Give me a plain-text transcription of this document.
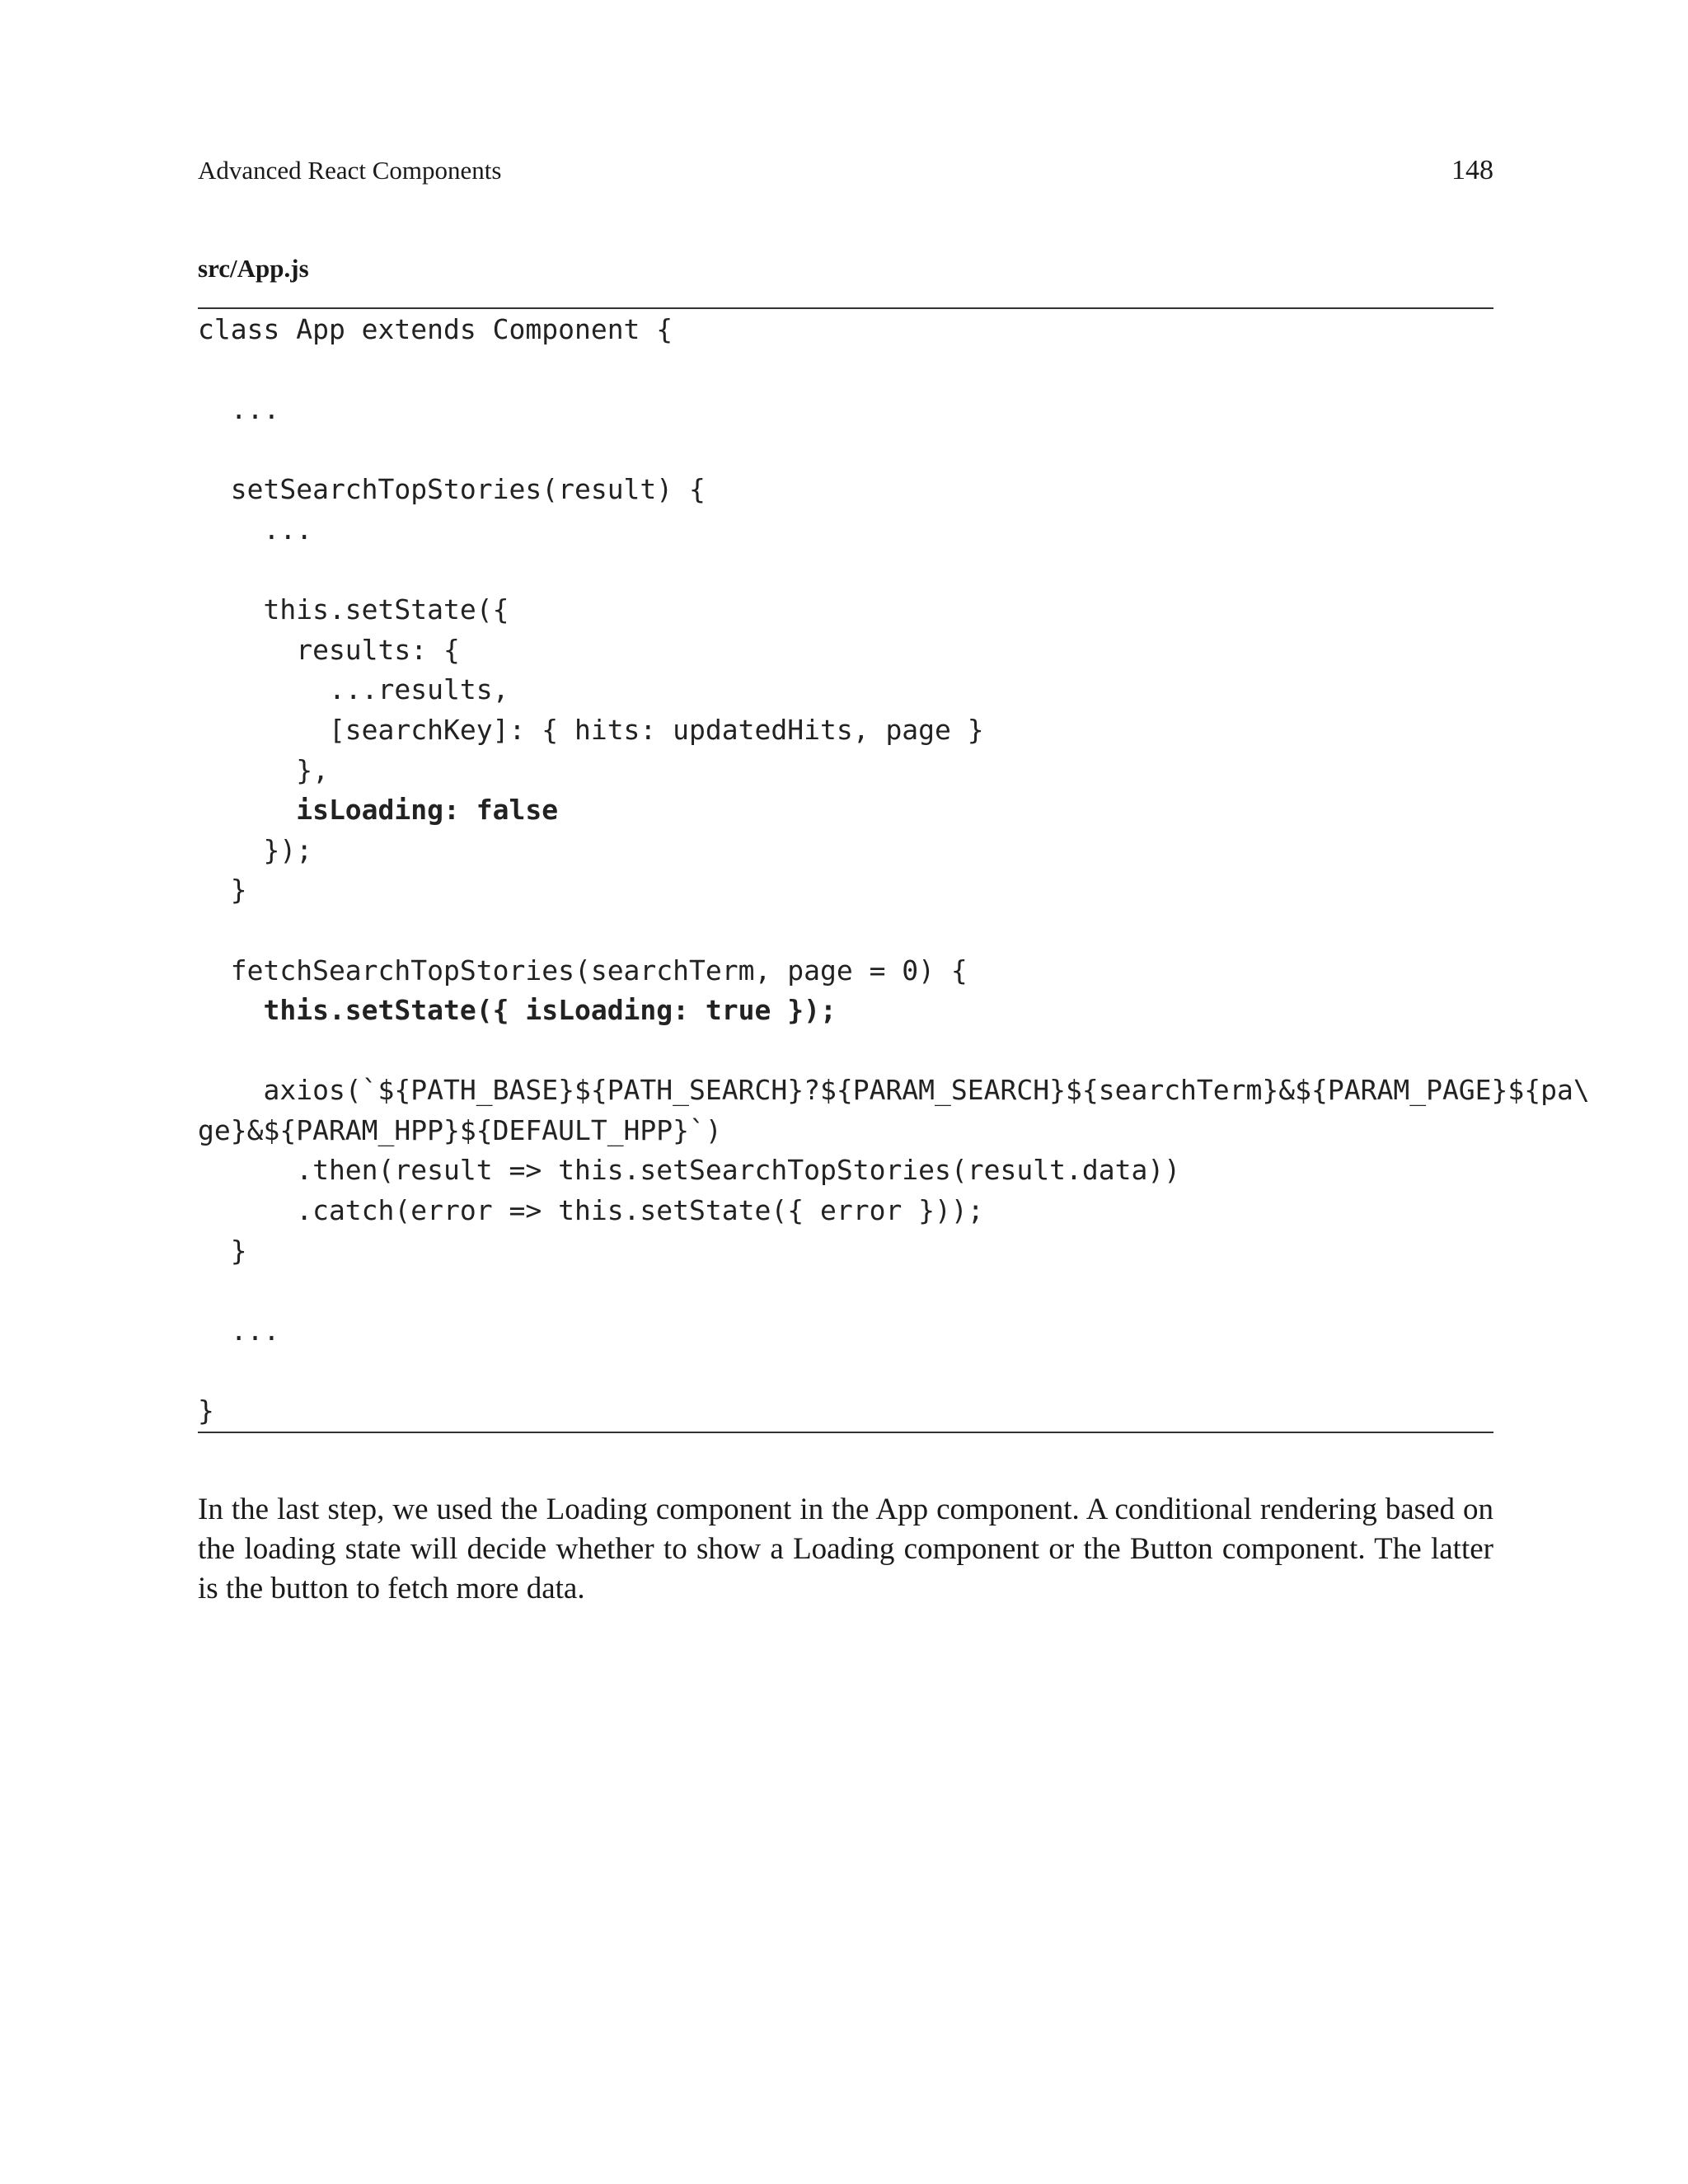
Advanced React Components	148
src/App.js
class App extends Component {
...
setSearchTopStories(result) {
...
this.setState({
results: {
...results,
[searchKey]: { hits: updatedHits, page }
},
isLoading: false
});
}
fetchSearchTopStories(searchTerm, page = 0) {
this.setState({ isLoading: true });
axios(`${PATH_BASE}${PATH_SEARCH}?${PARAM_SEARCH}${searchTerm}&${PARAM_PAGE}${pa\
ge}&${PARAM_HPP}${DEFAULT_HPP}`)
.then(result => this.setSearchTopStories(result.data))
.catch(error => this.setState({ error }));
}
...
}

In the last step, we used the Loading component in the App component. A conditional rendering based on the loading state will decide whether to show a Loading component or the Button component. The latter is the button to fetch more data.
